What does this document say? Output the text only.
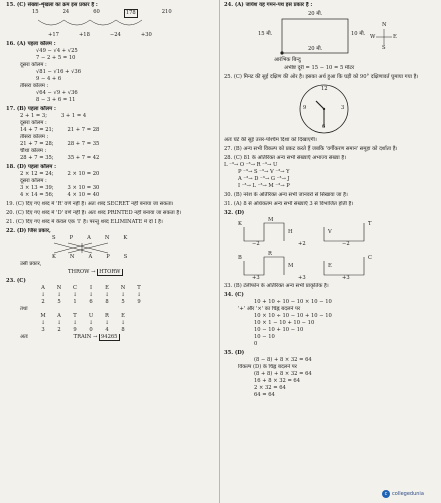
15. (C) संख्या-शृंखला का क्रम इस प्रकार है :
15	24	60	178	210
+17	+18	−24	+30
16. (A) पहला कॉलम :
√49 − √4 + √25
7 − 2 + 5 = 10
दूसरा कॉलम :
√81 − √16 + √36
9 − 4 + 6
तीसरा कॉलम :
√64 − √9 + √36
8 − 3 + 6 = 11
17. (B) पहला कॉलम :
2 + 1 = 3;	3 + 1 = 4
दूसरा कॉलम :
14 + 7 = 21;	21 + 7 = 28
तीसरा कॉलम :
21 + 7 = 28;	28 + 7 = 35
चौथा कॉलम :
28 + 7 = 35;	35 + 7 = 42
18. (D) पहला कॉलम :
2 × 12 = 24;	2 × 10 = 20
दूसरा कॉलम :
3 × 13 = 39;	3 × 10 = 30
4 × 14 = 56;	4 × 10 = 40
19. (C) दिए गए शब्द में 'R' वर्ण नहीं है। अतः शब्द SECRET नहीं बनाया जा सकता।
20. (C) दिए गए शब्द में 'D' वर्ण नहीं है। अतः शब्द PRINTED नहीं बनाया जा सकता है।
21. (C) दिए गए शब्द में केवल एक 'I' है। परन्तु शब्द ELIMINATE में दो I हैं।
22. (D) जिस प्रकार,
S	P	A	N	K
K	N	A	P	S
उसी प्रकार,
THROW → HTORW
23. (C)
A	N	C	I	E	N	T
↓	↓	↓	↓	↓	↓	↓
2	5	1	6	8	5	9
तथा
M	A	T	U	R	E
↓	↓	↓	↓	↓	↓
3	2	9	0	4	8
अतः	TRAIN → 94265
24. (A) जायेश यह गमन-पथ इस प्रकार है :
20 मी.
10 मी.
15 मी.
20 मी.
आरंभिक बिन्दु
N
S
E
W
अभीष्ट दूरी = 15 − 10 = 5 मीटर
25. (C) मिनट की सुई दक्षिण की ओर है। इसका अर्थ हुआ कि घड़ी को 90° दक्षिणावर्त घुमाया गया है।
12
3
6
9
अतः घंटे की सुई उत्तर-पश्चिम दिशा को दिखाएगी।
27. (B) अन्य सभी विकल्प को प्रकट करते हैं जबकि 'वर्गीकरण समान' समूहा को दर्शाता है।
28. (C) 81 के अतिरिक्त अन्य सभी संख्याएँ अभाज्य संख्या हैं।
L ⁻³→ O ⁻³→ R ⁻³→ U
P ⁻³→ S ⁻³→ V ⁻³→ Y
A ⁻³→ D ⁻³→ G ⁻³→ J
I ⁻³→ L ⁻³→ M ⁻³→ P
30. (B) नरेश के अतिरिक्त अन्य सभी जानवरों से सिखाया जा है।
31. (A) 8 से अधिकतम अन्य सभी संख्याएँ 3 से विभाजित होती हैं।
32. (D)
K
M
H	V
T
B
R
M	E
C
−2	+2	−2
+3	+3	+3
33. (B) टेलीफोन के अतिरिक्त अन्य सभी प्राकृतिक हैं।
34. (C)
10 + 10 ÷ 10 − 10 × 10 − 10
'+' और '×' का चिह्न बदलने पर
10 × 10 ÷ 10 − 10 + 10 − 10
10 × 1 − 10 + 10 − 10
10 − 10 + 10 − 10
10 − 10
0
35. (D)
(8 − 8) + 8 × 32 = 64
विकल्प (D) के चिह्न बदलने पर
(8 + 8) + 8 × 32 = 64
16 + 8 × 32 = 64
2 × 32 = 64
64 = 64
c collegedunia
